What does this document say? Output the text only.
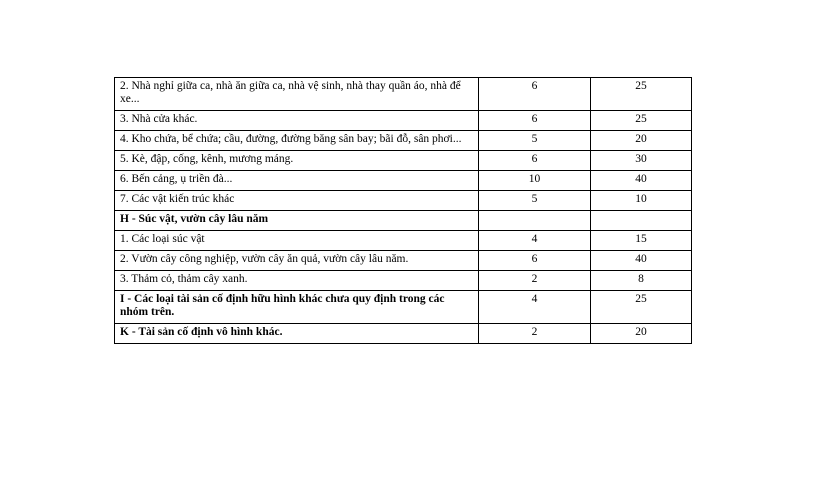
2. Nhà nghỉ giữa ca, nhà ăn giữa ca, nhà vệ sinh, nhà thay quần áo, nhà để xe...	6	25
3. Nhà cửa khác.	6	25
4. Kho chứa, bể chứa; cầu, đường, đường băng sân bay; bãi đỗ, sân phơi...	5	20
5. Kè, đập, cống, kênh, mương máng.	6	30
6. Bến cảng, ụ triền đà...	10	40
7. Các vật kiến trúc khác	5	10
H - Súc vật, vườn cây lâu năm		
1. Các loại súc vật	4	15
2. Vườn cây công nghiệp, vườn cây ăn quả, vườn cây lâu năm.	6	40
3. Thảm cỏ, thảm cây xanh.	2	8
I - Các loại tài sản cố định hữu hình khác chưa quy định trong các nhóm trên.	4	25
K - Tài sản cố định vô hình khác.	2	20
